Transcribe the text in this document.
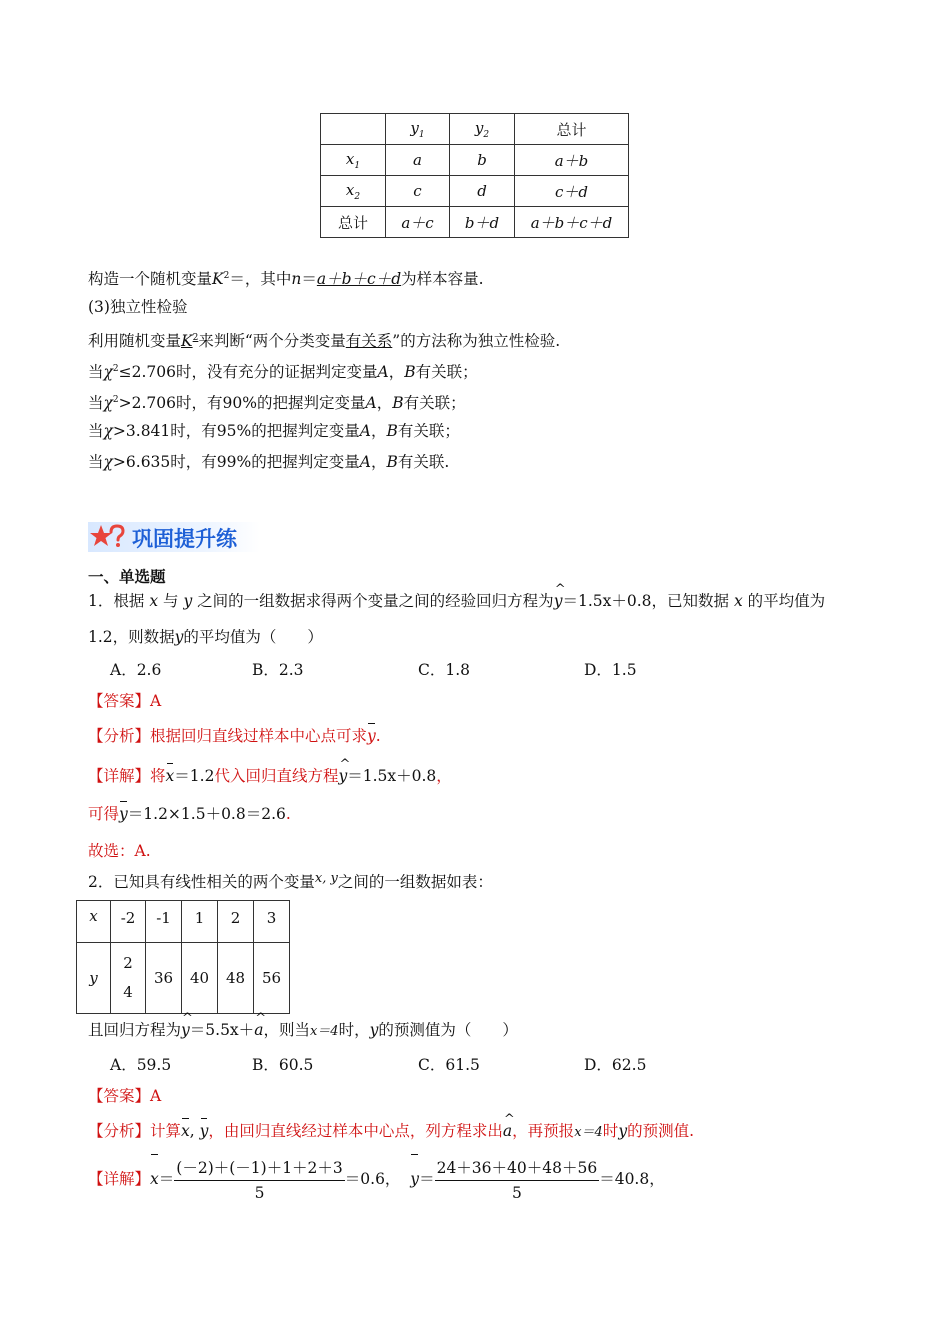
	$y_1$	$y_2$	总计
$x_1$	a	b	a＋b
$x_2$	c	d	c＋d
总计	a＋c	b＋d	a＋b＋c＋d
构造一个随机变量$K^2=$，其中n＝a＋b＋c＋d为样本容量.
(3)独立性检验
利用随机变量$K^2$来判断“两个分类变量有关系”的方法称为独立性检验.
当$\chi^2\le 2.706$时，没有充分的证据判定变量A，B有关联；
当$\chi^2>2.706$时，有90%的把握判定变量A，B有关联；
当χ>3.841时，有95%的把握判定变量A，B有关联；
当χ>6.635时，有99%的把握判定变量A，B有关联.
巩固提升练
一、单选题
1．根据 x 与 y 之间的一组数据求得两个变量之间的经验回归方程为^ y＝1.5x＋0.8，已知数据 x 的平均值为
1.2，则数据y的平均值为（　　）
A．2.6	B．2.3	C．1.8	D．1.5
【答案】A
【分析】根据回归直线过样本中心点可求y.
【详解】将x＝1.2代入回归直线方程^ y＝1.5x＋0.8，
可得y＝1.2×1.5＋0.8＝2.6.
故选：A.
2．已知具有线性相关的两个变量$^{x, y}$之间的一组数据如表：
x	-2	-1	1	2	3
y	24	36	40	48	56
且回归方程为^ y＝5.5x＋^ a，则当x＝4时，y的预测值为（　　）
A．59.5	B．60.5	C．61.5	D．62.5
【答案】A
【分析】计算x, y，由回归直线经过样本中心点，列方程求出^ a，再预报x＝4时y的预测值.
【详解】$x= \frac{(-2)+(-1)+1+2+3}{5} =0.6$， $y= \frac{24+36+40+48+56}{5} =40.8$，
